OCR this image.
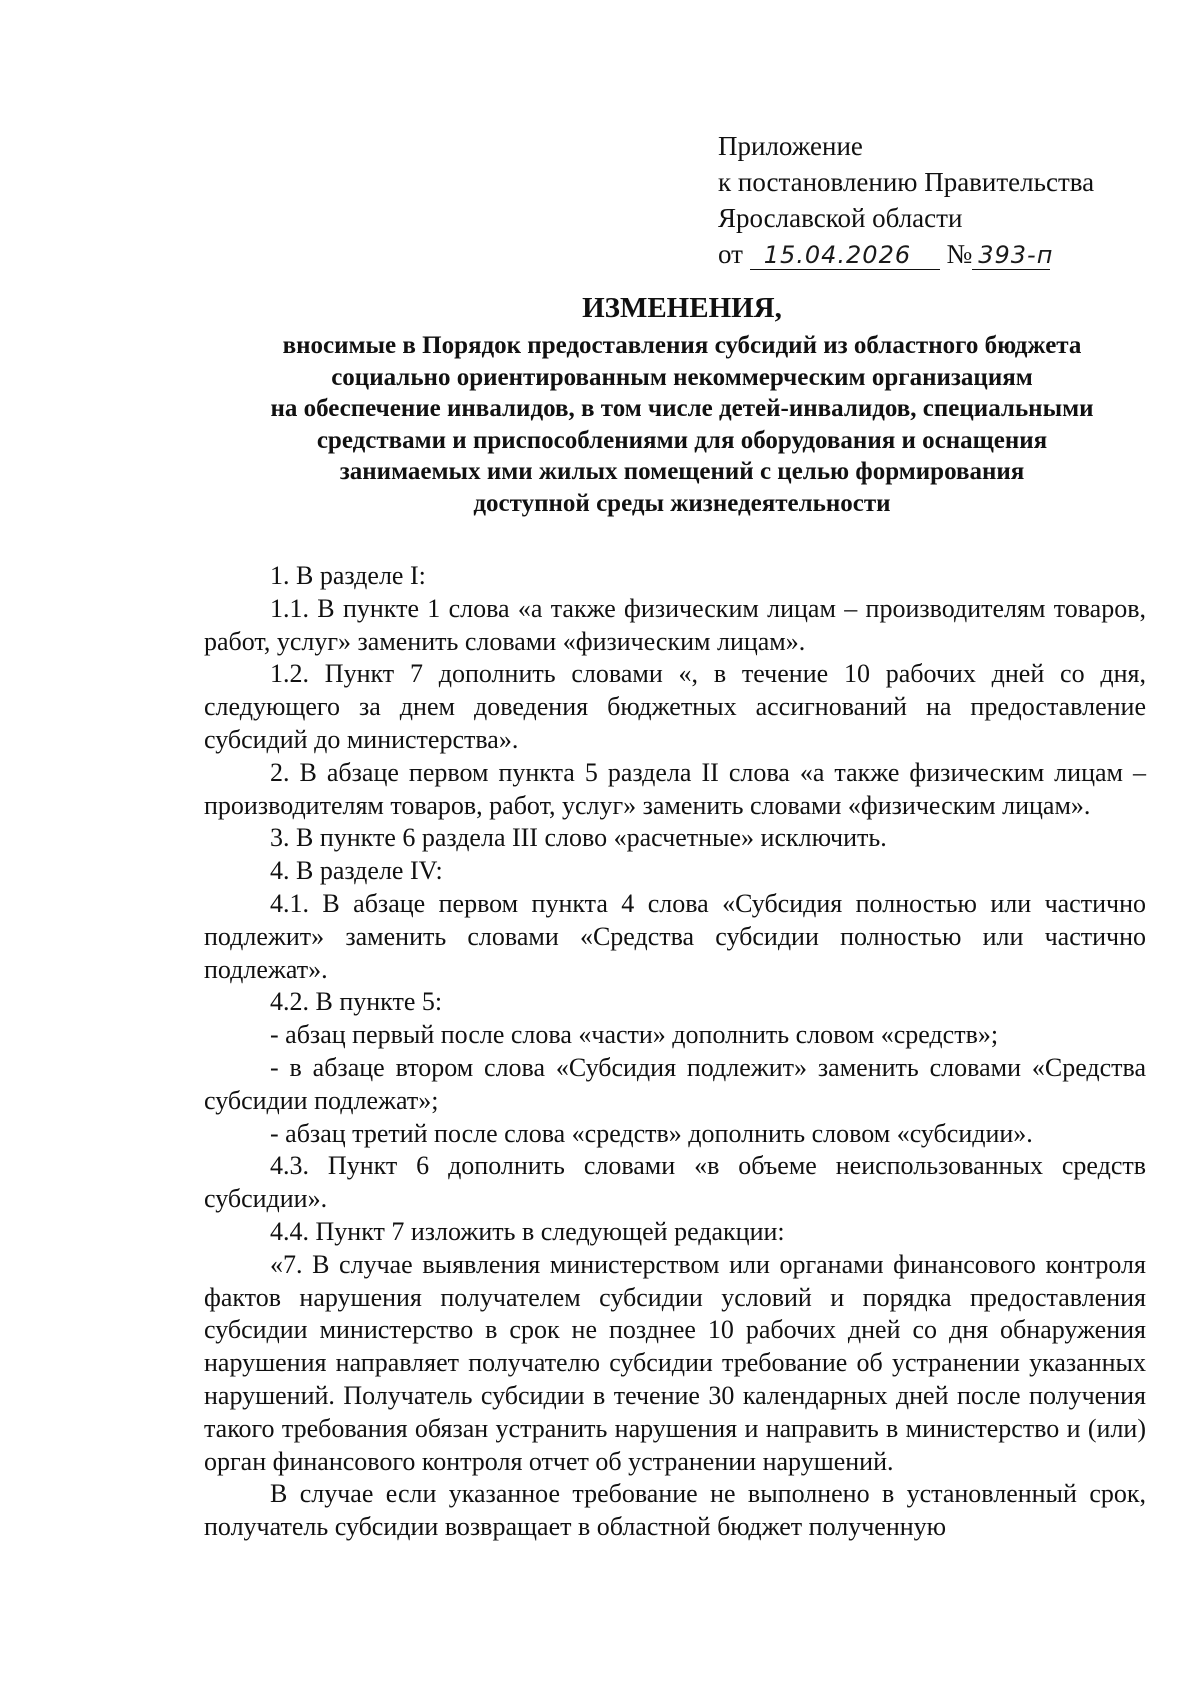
Приложение
к постановлению Правительства
Ярославской области
от 15.04.2026 № 393-п
ИЗМЕНЕНИЯ,
вносимые в Порядок предоставления субсидий из областного бюджета
социально ориентированным некоммерческим организациям
на обеспечение инвалидов, в том числе детей-инвалидов, специальными
средствами и приспособлениями для оборудования и оснащения
занимаемых ими жилых помещений с целью формирования
доступной среды жизнедеятельности

1. В разделе I:

1.1. В пункте 1 слова «а также физическим лицам – производителям товаров, работ, услуг» заменить словами «физическим лицам».

1.2. Пункт 7 дополнить словами «, в течение 10 рабочих дней со дня, следующего за днем доведения бюджетных ассигнований на предоставление субсидий до министерства».

2. В абзаце первом пункта 5 раздела II слова «а также физическим лицам – производителям товаров, работ, услуг» заменить словами «физическим лицам».

3. В пункте 6 раздела III слово «расчетные» исключить.

4. В разделе IV:

4.1. В абзаце первом пункта 4 слова «Субсидия полностью или частично подлежит» заменить словами «Средства субсидии полностью или частично подлежат».

4.2. В пункте 5:

- абзац первый после слова «части» дополнить словом «средств»;

- в абзаце втором слова «Субсидия подлежит» заменить словами «Средства субсидии подлежат»;

- абзац третий после слова «средств» дополнить словом «субсидии».

4.3. Пункт 6 дополнить словами «в объеме неиспользованных средств субсидии».

4.4. Пункт 7 изложить в следующей редакции:

«7. В случае выявления министерством или органами финансового контроля фактов нарушения получателем субсидии условий и порядка предоставления субсидии министерство в срок не позднее 10 рабочих дней со дня обнаружения нарушения направляет получателю субсидии требование об устранении указанных нарушений. Получатель субсидии в течение 30 календарных дней после получения такого требования обязан устранить нарушения и направить в министерство и (или) орган финансового контроля отчет об устранении нарушений.

В случае если указанное требование не выполнено в установленный срок, получатель субсидии возвращает в областной бюджет полученную
